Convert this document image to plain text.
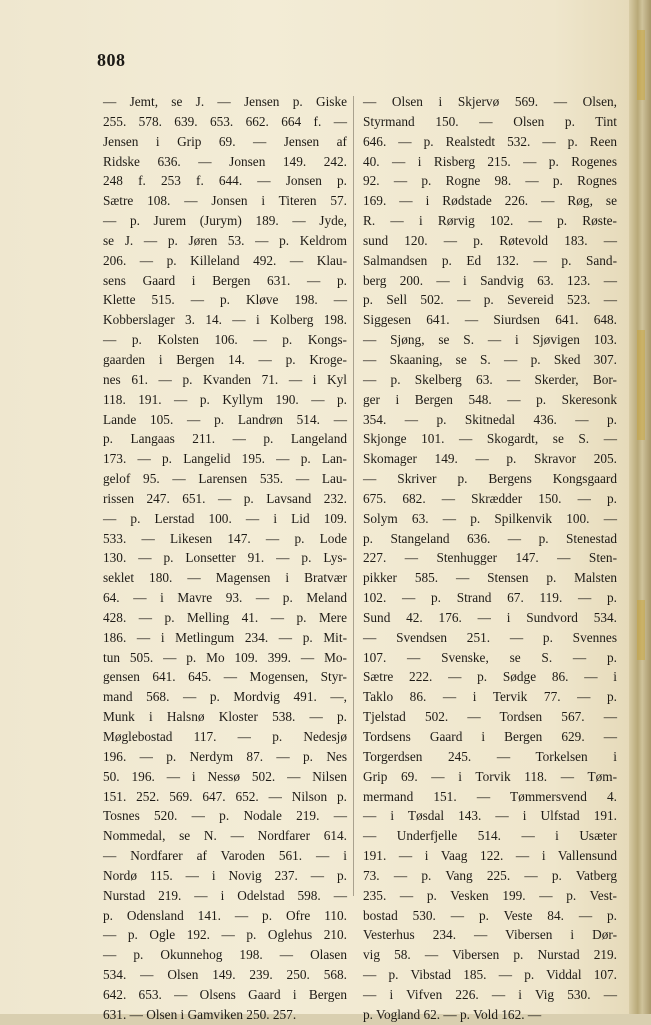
808
— Jemt, se J. — Jensen p. Giske
255. 578. 639. 653. 662. 664 f. —
Jensen i Grip 69. — Jensen af
Ridske 636. — Jonsen 149. 242.
248 f. 253 f. 644. — Jonsen p.
Sætre 108. — Jonsen i Titeren 57.
— p. Jurem (Jurym) 189. — Jyde,
se J. — p. Jøren 53. — p. Keldrom
206. — p. Killeland 492. — Klau-
sens Gaard i Bergen 631. — p.
Klette 515. — p. Kløve 198. —
Kobberslager 3. 14. — i Kolberg 198.
— p. Kolsten 106. — p. Kongs-
gaarden i Bergen 14. — p. Kroge-
nes 61. — p. Kvanden 71. — i Kyl
118. 191. — p. Kyllym 190. — p.
Lande 105. — p. Landrøn 514. —
p. Langaas 211. — p. Langeland
173. — p. Langelid 195. — p. Lan-
gelof 95. — Larensen 535. — Lau-
rissen 247. 651. — p. Lavsand 232.
— p. Lerstad 100. — i Lid 109.
533. — Likesen 147. — p. Lode
130. — p. Lonsetter 91. — p. Lys-
seklet 180. — Magensen i Bratvær
64. — i Mavre 93. — p. Meland
428. — p. Melling 41. — p. Mere
186. — i Metlingum 234. — p. Mit-
tun 505. — p. Mo 109. 399. — Mo-
gensen 641. 645. — Mogensen, Styr-
mand 568. — p. Mordvig 491. —,
Munk i Halsnø Kloster 538. — p.
Møglebostad 117. — p. Nedesjø
196. — p. Nerdym 87. — p. Nes
50. 196. — i Nessø 502. — Nilsen
151. 252. 569. 647. 652. — Nilson p.
Tosnes 520. — p. Nodale 219. —
Nommedal, se N. — Nordfarer 614.
— Nordfarer af Varoden 561. — i
Nordø 115. — i Novig 237. — p.
Nurstad 219. — i Odelstad 598. —
p. Odensland 141. — p. Ofre 110.
— p. Ogle 192. — p. Oglehus 210.
— p. Okunnehog 198. — Olasen
534. — Olsen 149. 239. 250. 568.
642. 653. — Olsens Gaard i Bergen
631. — Olsen i Gamviken 250. 257.
— Olsen i Skjervø 569. — Olsen,
Styrmand 150. — Olsen p. Tint
646. — p. Realstedt 532. — p. Reen
40. — i Risberg 215. — p. Rogenes
92. — p. Rogne 98. — p. Rognes
169. — i Rødstade 226. — Røg, se
R. — i Rørvig 102. — p. Røste-
sund 120. — p. Røtevold 183. —
Salmandsen p. Ed 132. — p. Sand-
berg 200. — i Sandvig 63. 123. —
p. Sell 502. — p. Severeid 523. —
Siggesen 641. — Siurdsen 641. 648.
— Sjøng, se S. — i Sjøvigen 103.
— Skaaning, se S. — p. Sked 307.
— p. Skelberg 63. — Skerder, Bor-
ger i Bergen 548. — p. Skeresonk
354. — p. Skitnedal 436. — p.
Skjonge 101. — Skogardt, se S. —
Skomager 149. — p. Skravor 205.
— Skriver p. Bergens Kongsgaard
675. 682. — Skrædder 150. — p.
Solym 63. — p. Spilkenvik 100. —
p. Stangeland 636. — p. Stenestad
227. — Stenhugger 147. — Sten-
pikker 585. — Stensen p. Malsten
102. — p. Strand 67. 119. — p.
Sund 42. 176. — i Sundvord 534.
— Svendsen 251. — p. Svennes
107. — Svenske, se S. — p.
Sætre 222. — p. Sødge 86. — i
Taklo 86. — i Tervik 77. — p.
Tjelstad 502. — Tordsen 567. —
Tordsens Gaard i Bergen 629. —
Torgerdsen 245. — Torkelsen i
Grip 69. — i Torvik 118. — Tøm-
mermand 151. — Tømmersvend 4.
— i Tøsdal 143. — i Ulfstad 191.
— Underfjelle 514. — i Usæter
191. — i Vaag 122. — i Vallensund
73. — p. Vang 225. — p. Vatberg
235. — p. Vesken 199. — p. Vest-
bostad 530. — p. Veste 84. — p.
Vesterhus 234. — Vibersen i Dør-
vig 58. — Vibersen p. Nurstad 219.
— p. Vibstad 185. — p. Viddal 107.
— i Vifven 226. — i Vig 530. —
p. Vogland 62. — p. Vold 162. —
